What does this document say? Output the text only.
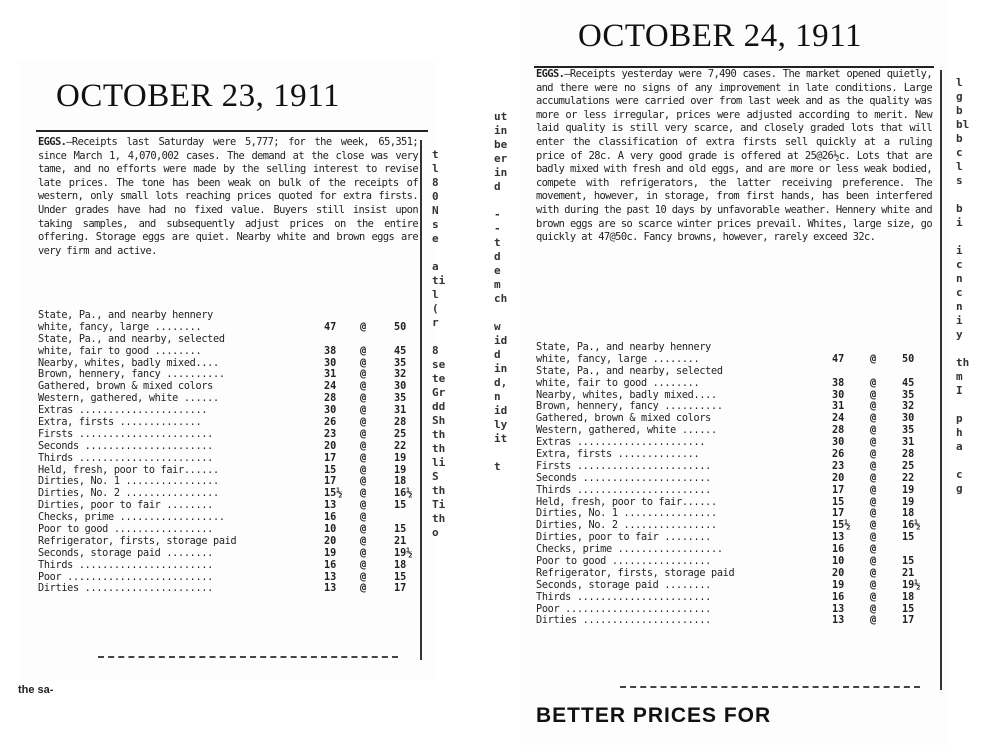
OCTOBER 23, 1911
EGGS.—Receipts last Saturday were 5,777; for the week, 65,351; since March 1, 4,070,002 cases. The demand at the close was very tame, and no efforts were made by the selling interest to revise late prices. The tone has been weak on bulk of the receipts of western, only small lots reaching prices quoted for extra firsts. Under grades have had no fixed value. Buyers still insist upon taking samples, and subsequently adjust prices on the entire offering. Storage eggs are quiet. Nearby white and brown eggs are very firm and active.
State, Pa., and nearby hennery
white, fancy, large ........	47 @	50
State, Pa., and nearby, selected
white, fair to good ........	38 @	45
Nearby, whites, badly mixed....	30 @	35
Brown, hennery, fancy ..........	31 @	32
Gathered, brown & mixed colors	24 @	30
Western, gathered, white ......	28 @	35
Extras ......................	30 @	31
Extra, firsts ..............	26 @	28
Firsts .......................	23 @	25
Seconds ......................	20 @	22
Thirds .......................	17 @	19
Held, fresh, poor to fair......	15 @	19
Dirties, No. 1 ................	17 @	18
Dirties, No. 2 ................	15½ @	16½
Dirties, poor to fair ........	13 @	15
Checks, prime ..................	16 @
Poor to good .................	10 @	15
Refrigerator, firsts, storage paid	20 @	21
Seconds, storage paid ........	19 @	19½
Thirds .......................	16 @	18
Poor .........................	13 @	15
Dirties ......................	13 @	17
the sa-
t
l
8
0
N
s
e

a
ti
l
(
r

8
se
te
Gr
dd
Sh
th
th
li
S
th
Ti
th
o
ut
in
be
er
in
d

-
-
t
d
e
m
ch

w
id
d
in
d,
n
id
ly
it

t
OCTOBER 24, 1911
EGGS.—Receipts yesterday were 7,490 cases. The market opened quietly, and there were no signs of any improvement in late conditions. Large accumulations were carried over from last week and as the quality was more or less irregular, prices were adjusted according to merit. New laid quality is still very scarce, and closely graded lots that will enter the classification of extra firsts sell quickly at a ruling price of 28c. A very good grade is offered at 25@26½c. Lots that are badly mixed with fresh and old eggs, and are more or less weak bodied, compete with refrigerators, the latter receiving preference. The movement, however, in storage, from first hands, has been interfered with during the past 10 days by unfavorable weather. Hennery white and brown eggs are so scarce winter prices prevail. Whites, large size, go quickly at 47@50c. Fancy browns, however, rarely exceed 32c.
State, Pa., and nearby hennery
white, fancy, large ........	47	@	50
State, Pa., and nearby, selected
white, fair to good ........	38	@	45
Nearby, whites, badly mixed....	30	@	35
Brown, hennery, fancy ..........	31	@	32
Gathered, brown & mixed colors	24	@	30
Western, gathered, white ......	28	@	35
Extras ......................	30	@	31
Extra, firsts ..............	26	@	28
Firsts .......................	23	@	25
Seconds ......................	20	@	22
Thirds .......................	17	@	19
Held, fresh, poor to fair......	15	@	19
Dirties, No. 1 ................	17	@	18
Dirties, No. 2 ................	15½ @	16½
Dirties, poor to fair ........	13	@	15
Checks, prime ..................	16	@
Poor to good .................	10	@	15
Refrigerator, firsts, storage paid	20	@	21
Seconds, storage paid ........	19	@	19½
Thirds .......................	16	@	18
Poor .........................	13	@	15
Dirties ......................	13	@	17
BETTER PRICES FOR
l
g
b
bl
b
c
l
s

b
i

i
c
n
c
n
i
y

th
m
I

p
h
a

c
g
